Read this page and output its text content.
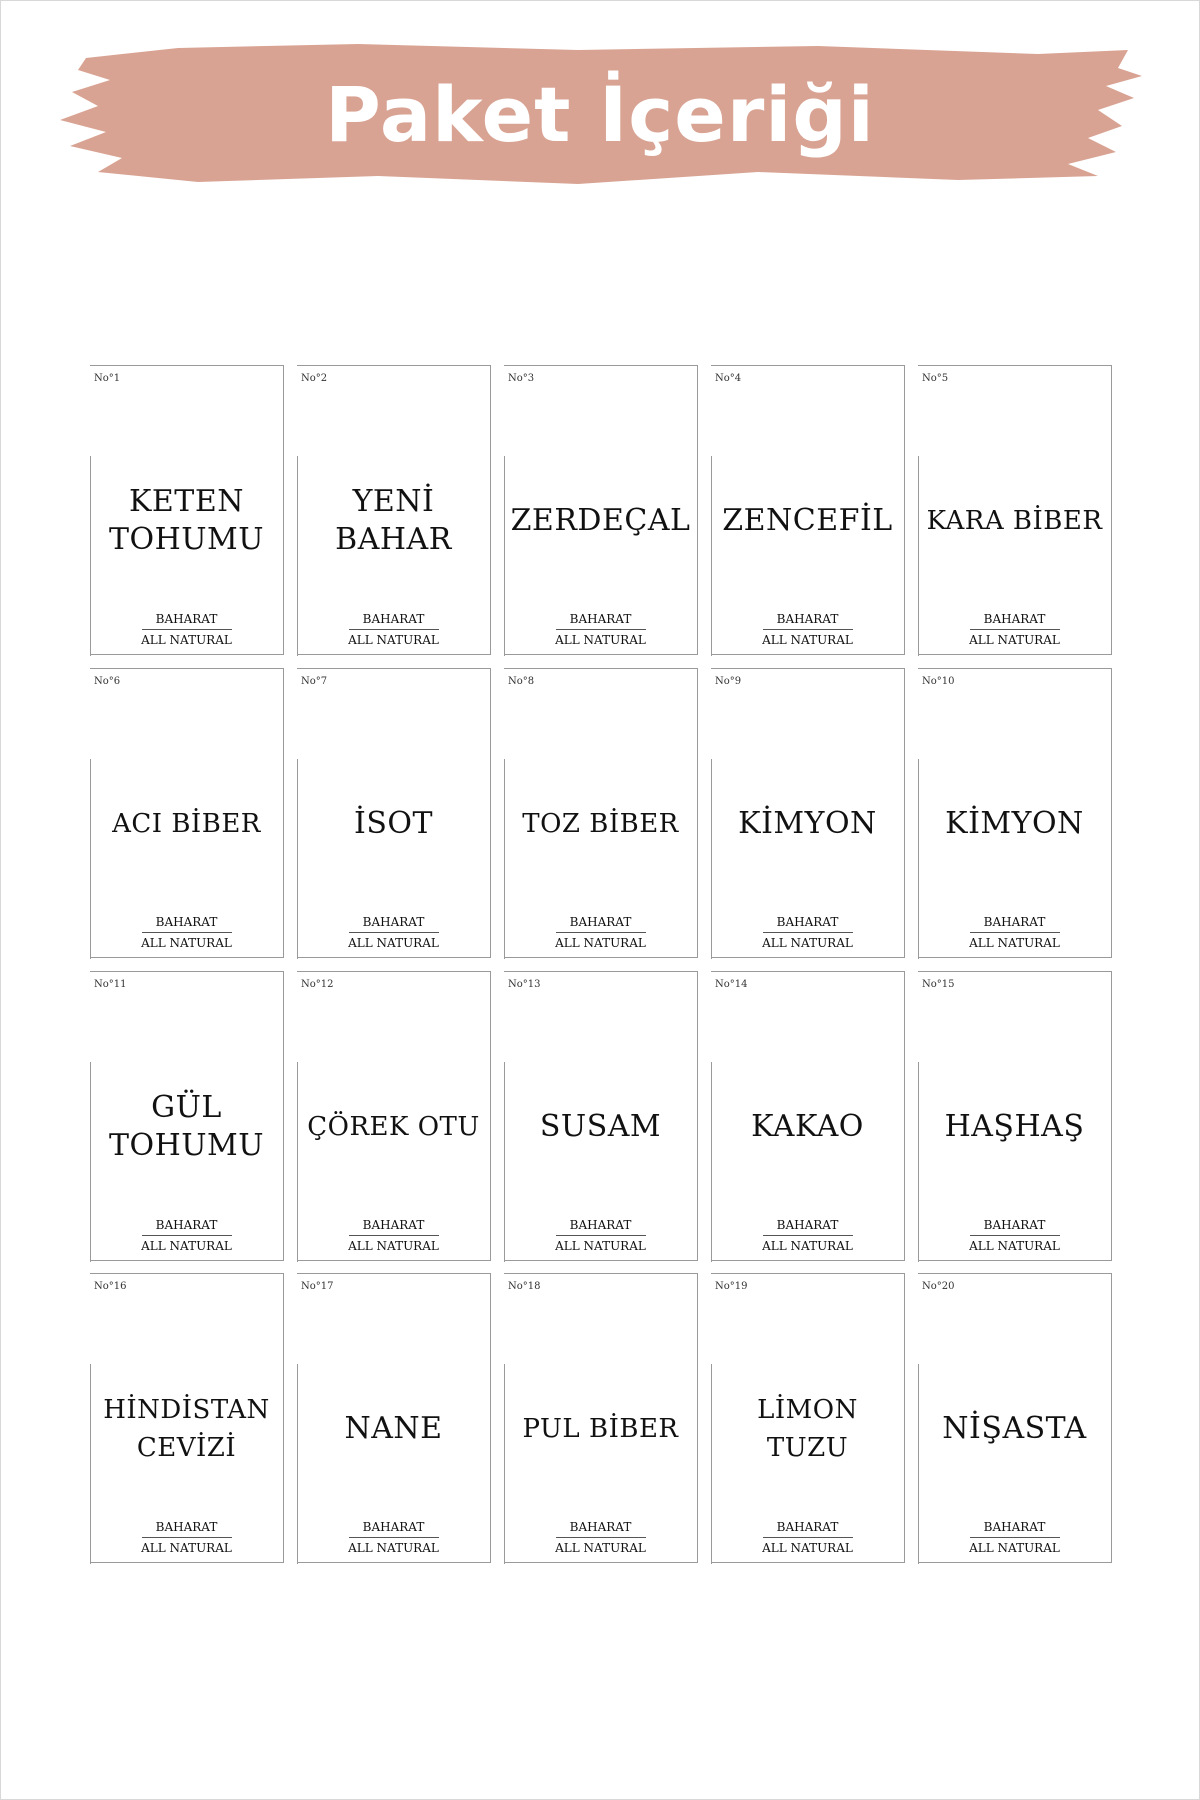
Paket İçeriği
No°1
KETEN
TOHUMU
BAHARAT
ALL NATURAL
No°2
YENİ
BAHAR
BAHARAT
ALL NATURAL
No°3
ZERDEÇAL
BAHARAT
ALL NATURAL
No°4
ZENCEFİL
BAHARAT
ALL NATURAL
No°5
KARA BİBER
BAHARAT
ALL NATURAL
No°6
ACI BİBER
BAHARAT
ALL NATURAL
No°7
İSOT
BAHARAT
ALL NATURAL
No°8
TOZ BİBER
BAHARAT
ALL NATURAL
No°9
KİMYON
BAHARAT
ALL NATURAL
No°10
KİMYON
BAHARAT
ALL NATURAL
No°11
GÜL
TOHUMU
BAHARAT
ALL NATURAL
No°12
ÇÖREK OTU
BAHARAT
ALL NATURAL
No°13
SUSAM
BAHARAT
ALL NATURAL
No°14
KAKAO
BAHARAT
ALL NATURAL
No°15
HAŞHAŞ
BAHARAT
ALL NATURAL
No°16
HİNDİSTAN
CEVİZİ
BAHARAT
ALL NATURAL
No°17
NANE
BAHARAT
ALL NATURAL
No°18
PUL BİBER
BAHARAT
ALL NATURAL
No°19
LİMON TUZU
BAHARAT
ALL NATURAL
No°20
NİŞASTA
BAHARAT
ALL NATURAL
